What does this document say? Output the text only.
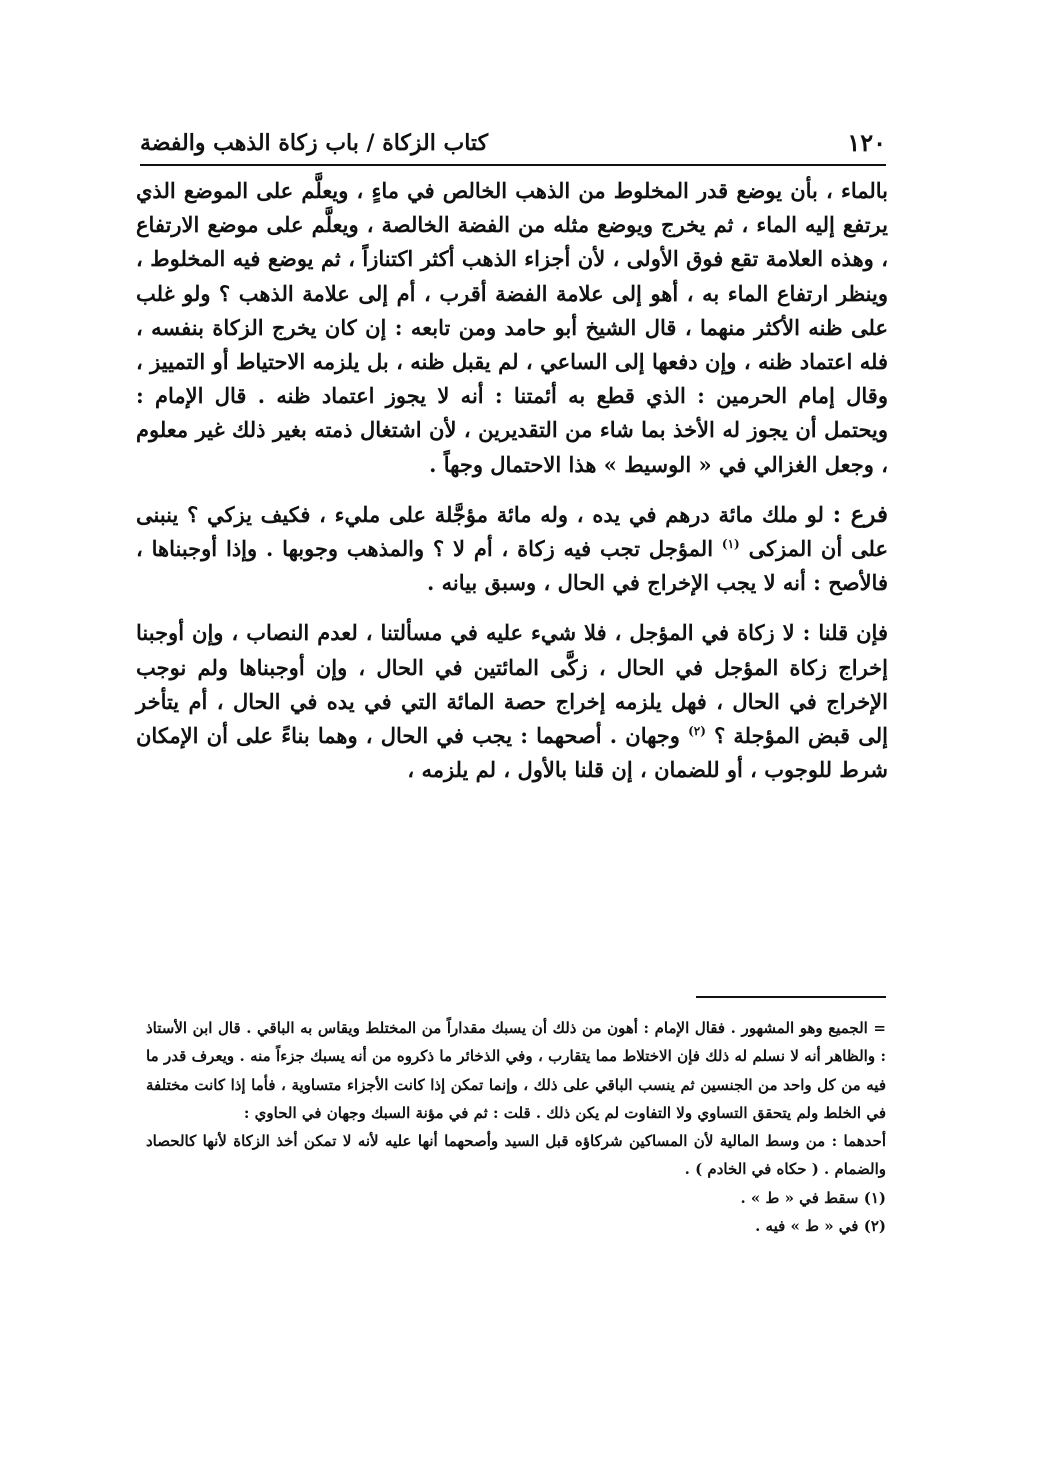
١٢٠
كتاب الزكاة / باب زكاة الذهب والفضة

بالماء ، بأن يوضع قدر المخلوط من الذهب الخالص في ماءٍ ، ويعلَّم على الموضع الذي يرتفع إليه الماء ، ثم يخرج ويوضع مثله من الفضة الخالصة ، ويعلَّم على موضع الارتفاع ، وهذه العلامة تقع فوق الأولى ، لأن أجزاء الذهب أكثر اكتنازاً ، ثم يوضع فيه المخلوط ، وينظر ارتفاع الماء به ، أهو إلى علامة الفضة أقرب ، أم إلى علامة الذهب ؟ ولو غلب على ظنه الأكثر منهما ، قال الشيخ أبو حامد ومن تابعه : إن كان يخرج الزكاة بنفسه ، فله اعتماد ظنه ، وإن دفعها إلى الساعي ، لم يقبل ظنه ، بل يلزمه الاحتياط أو التمييز ، وقال إمام الحرمين : الذي قطع به أئمتنا : أنه لا يجوز اعتماد ظنه . قال الإمام : ويحتمل أن يجوز له الأخذ بما شاء من التقديرين ، لأن اشتغال ذمته بغير ذلك غير معلوم ، وجعل الغزالي في « الوسيط » هذا الاحتمال وجهاً .

فرع : لو ملك مائة درهم في يده ، وله مائة مؤجَّلة على مليء ، فكيف يزكي ؟ ينبنى على أن المزكى $^{(١)}$ المؤجل تجب فيه زكاة ، أم لا ؟ والمذهب وجوبها . وإذا أوجبناها ، فالأصح : أنه لا يجب الإخراج في الحال ، وسبق بيانه .

فإن قلنا : لا زكاة في المؤجل ، فلا شيء عليه في مسألتنا ، لعدم النصاب ، وإن أوجبنا إخراج زكاة المؤجل في الحال ، زكَّى المائتين في الحال ، وإن أوجبناها ولم نوجب الإخراج في الحال ، فهل يلزمه إخراج حصة المائة التي في يده في الحال ، أم يتأخر إلى قبض المؤجلة ؟ $^{(٢)}$ وجهان . أصحهما : يجب في الحال ، وهما بناءً على أن الإمكان شرط للوجوب ، أو للضمان ، إن قلنا بالأول ، لم يلزمه ،

= الجميع وهو المشهور . فقال الإمام : أهون من ذلك أن يسبك مقداراً من المختلط ويقاس به الباقي . قال ابن الأستاذ : والظاهر أنه لا نسلم له ذلك فإن الاختلاط مما يتقارب ، وفي الذخائر ما ذكروه من أنه يسبك جزءاً منه . ويعرف قدر ما فيه من كل واحد من الجنسين ثم ينسب الباقي على ذلك ، وإنما تمكن إذا كانت الأجزاء متساوية ، فأما إذا كانت مختلفة في الخلط ولم يتحقق التساوي ولا التفاوت لم يكن ذلك . قلت : ثم في مؤنة السبك وجهان في الحاوي :

أحدهما : من وسط المالية لأن المساكين شركاؤه قبل السيد وأصحهما أنها عليه لأنه لا تمكن أخذ الزكاة لأنها كالحصاد والضمام . ( حكاه في الخادم ) .

(١) سقط في « ط » .

(٢) في « ط » فيه .
